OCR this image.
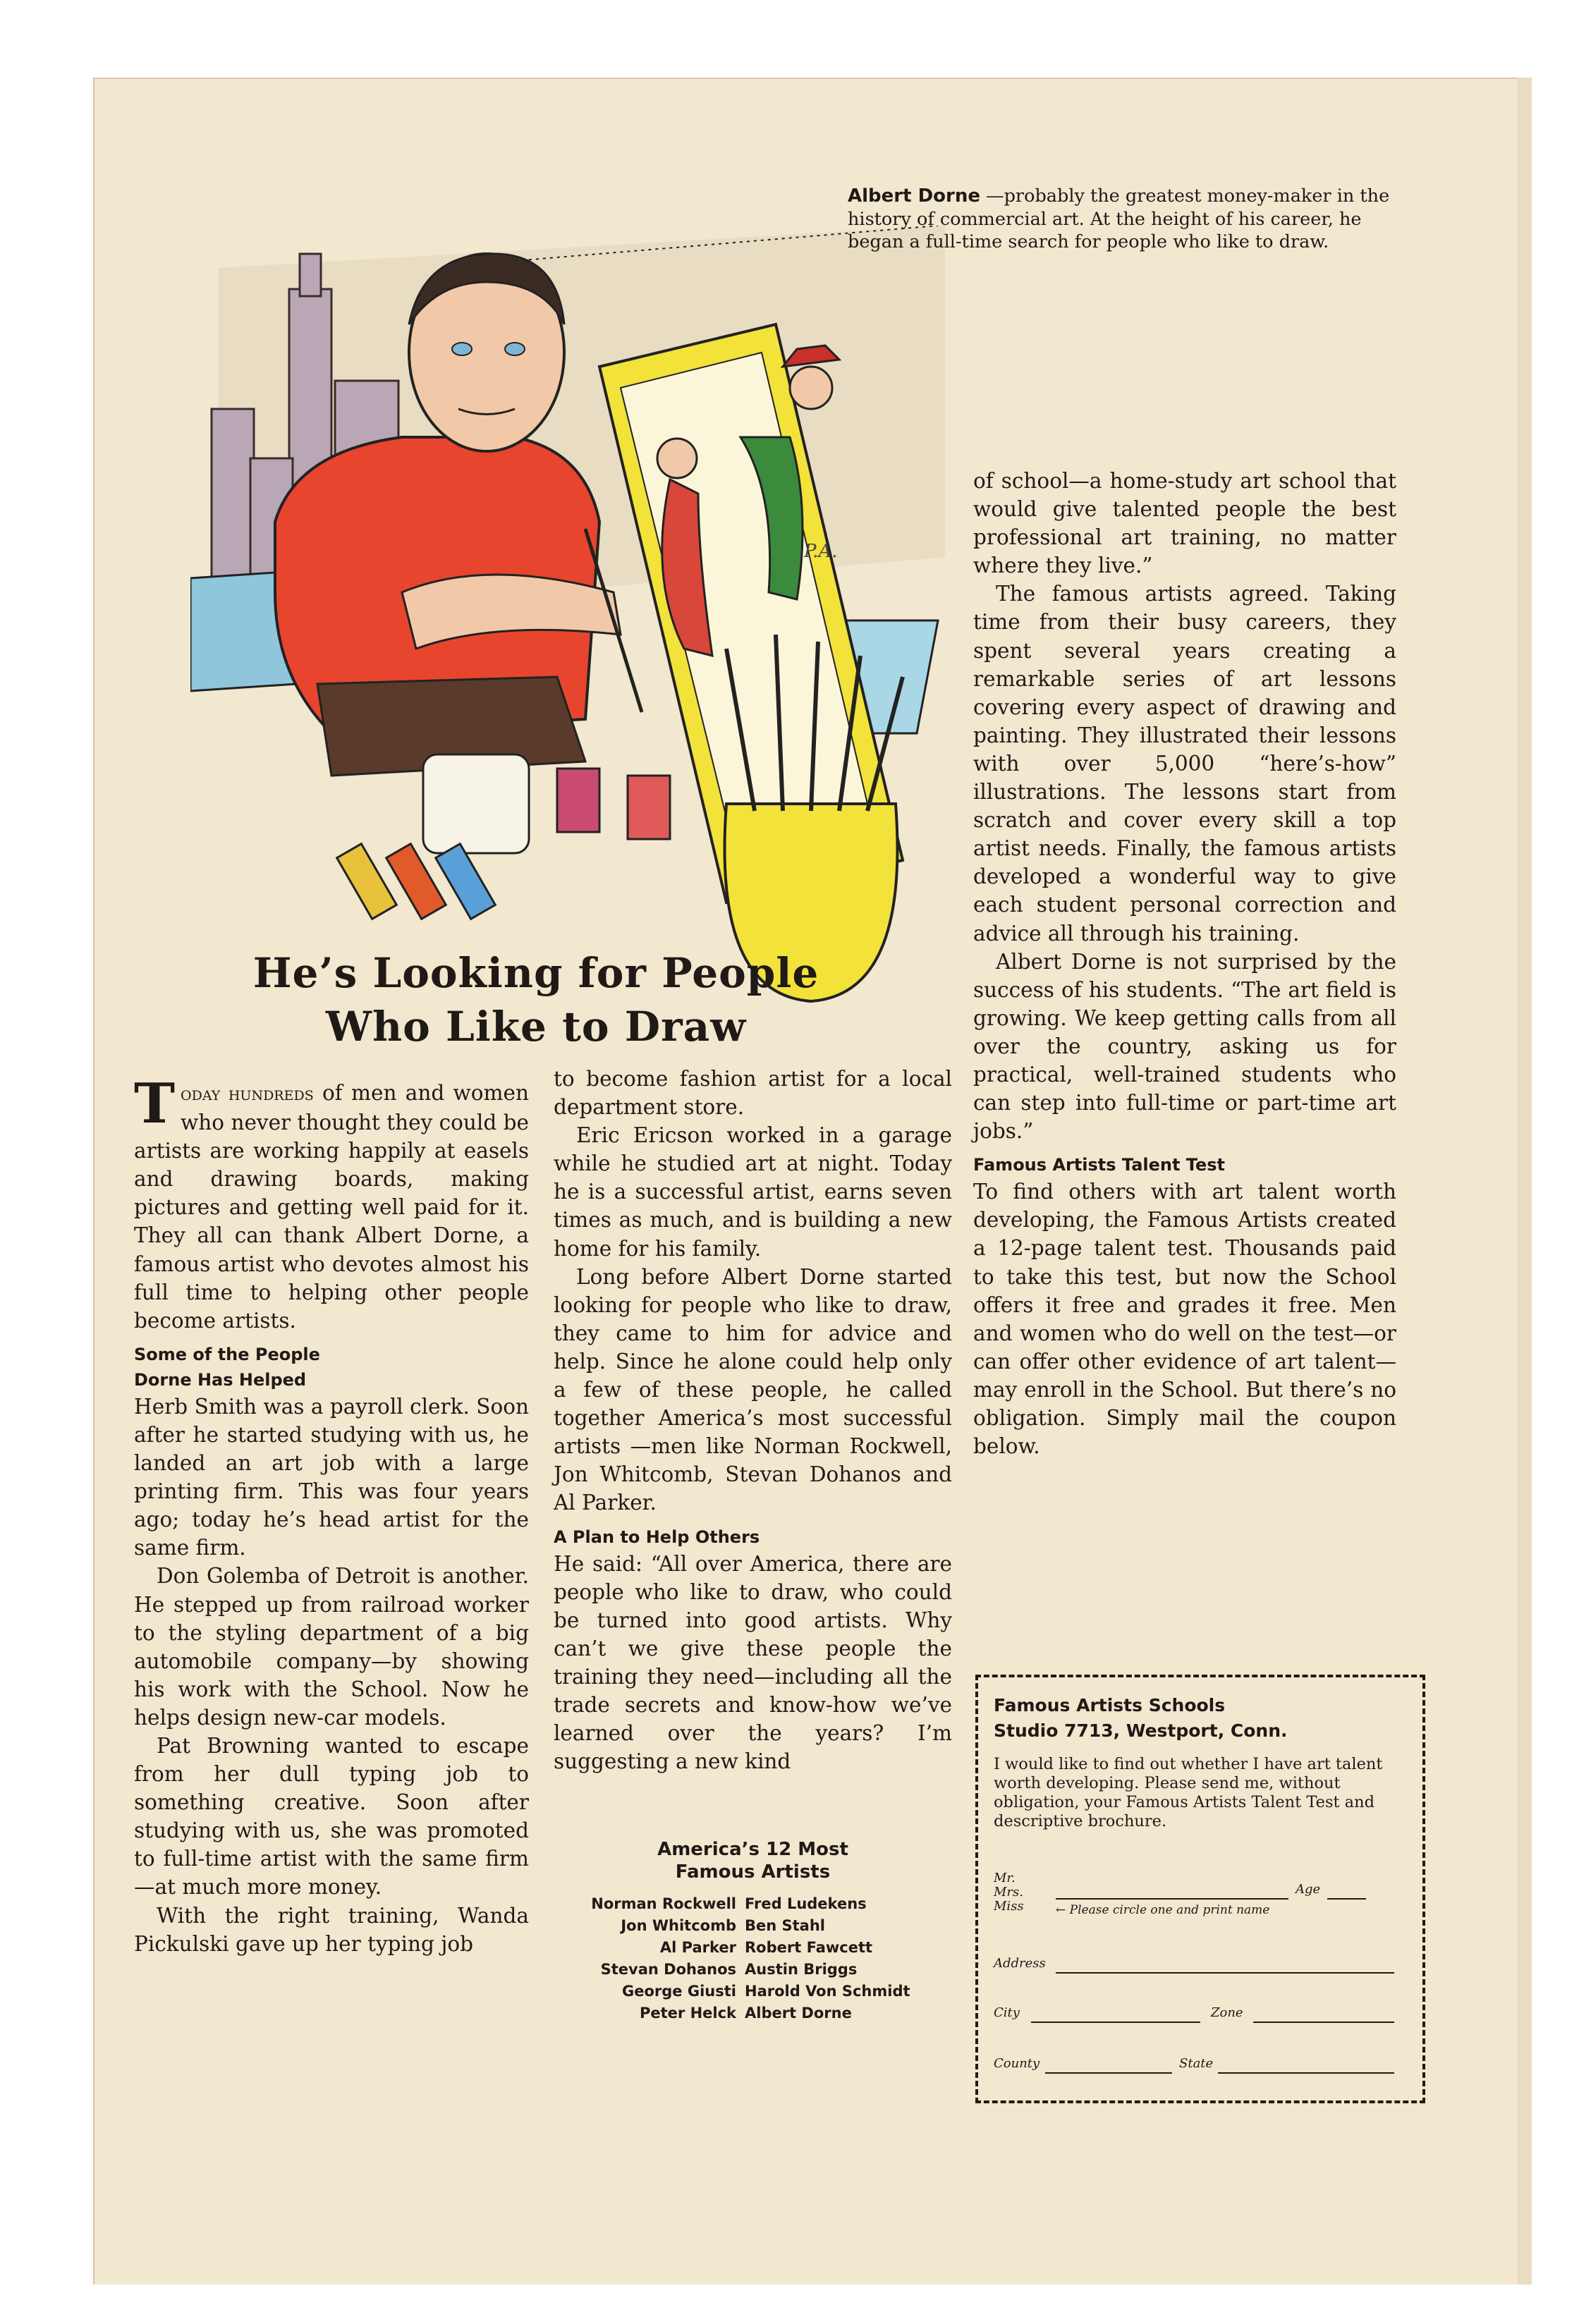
P.A.
Albert Dorne —probably the greatest money-maker in the history of commercial art. At the height of his career, he began a full-time search for people who like to draw.
He’s Looking for People
Who Like to Draw

Today hundreds of men and women who never thought they could be artists are working happily at easels and drawing boards, making pictures and getting well paid for it. They all can thank Albert Dorne, a famous artist who devotes almost his full time to helping other people become artists.

Some of the People
Dorne Has Helped

Herb Smith was a payroll clerk. Soon after he started studying with us, he landed an art job with a large printing firm. This was four years ago; today he’s head artist for the same firm.

Don Golemba of Detroit is another. He stepped up from railroad worker to the styling department of a big automobile company—by showing his work with the School. Now he helps design new-car models.

Pat Browning wanted to escape from her dull typing job to something creative. Soon after studying with us, she was promoted to full-time artist with the same firm—at much more money.

With the right training, Wanda Pickulski gave up her typing job

to become fashion artist for a local department store.

Eric Ericson worked in a garage while he studied art at night. Today he is a successful artist, earns seven times as much, and is building a new home for his family.

Long before Albert Dorne started looking for people who like to draw, they came to him for advice and help. Since he alone could help only a few of these people, he called together America’s most successful artists —men like Norman Rockwell, Jon Whitcomb, Stevan Dohanos and Al Parker.

A Plan to Help Others

He said: “All over America, there are people who like to draw, who could be turned into good artists. Why can’t we give these people the training they need—including all the trade secrets and know-how we’ve learned over the years? I’m suggesting a new kind

America’s 12 Most
Famous Artists
Norman Rockwell	Fred Ludekens
Jon Whitcomb	Ben Stahl
Al Parker	Robert Fawcett
Stevan Dohanos	Austin Briggs
George Giusti	Harold Von Schmidt
Peter Helck	Albert Dorne

of school—a home-study art school that would give talented people the best professional art training, no matter where they live.”

The famous artists agreed. Taking time from their busy careers, they spent several years creating a remarkable series of art lessons covering every aspect of drawing and painting. They illustrated their lessons with over 5,000 “here’s-how” illustrations. The lessons start from scratch and cover every skill a top artist needs. Finally, the famous artists developed a wonderful way to give each student personal correction and advice all through his training.

Albert Dorne is not surprised by the success of his students. “The art field is growing. We keep getting calls from all over the country, asking us for practical, well-trained students who can step into full-time or part-time art jobs.”

Famous Artists Talent Test

To find others with art talent worth developing, the Famous Artists created a 12-page talent test. Thousands paid to take this test, but now the School offers it free and grades it free. Men and women who do well on the test—or can offer other evidence of art talent—may enroll in the School. But there’s no obligation. Simply mail the coupon below.

Famous Artists Schools
Studio 7713, Westport, Conn.
I would like to find out whether I have art talent worth developing. Please send me, without obligation, your Famous Artists Talent Test and descriptive brochure.
Mr.
Mrs.
Miss
Age
← Please circle one and print name
Address
City	Zone
County	State
